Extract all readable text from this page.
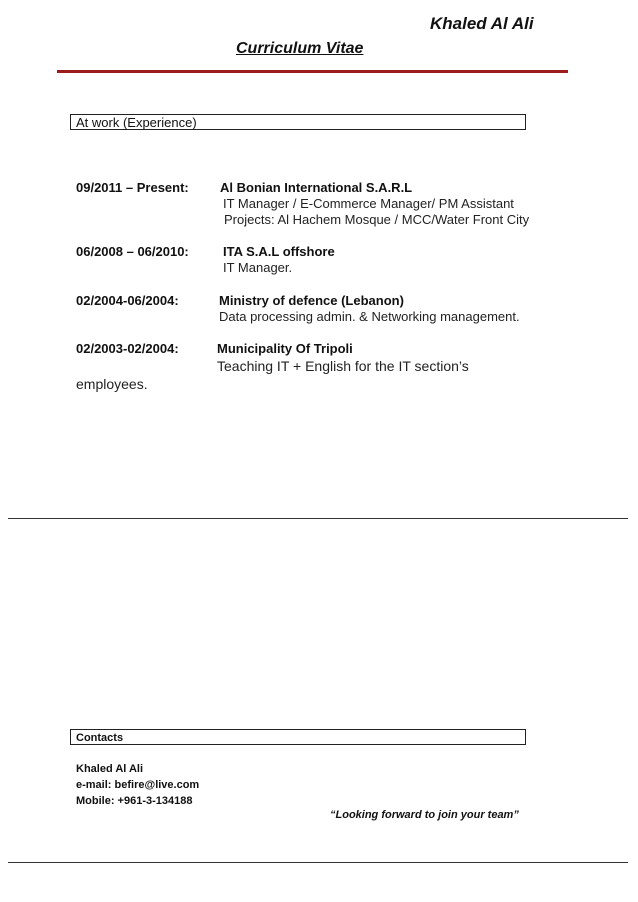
Khaled Al Ali
Curriculum Vitae
At work (Experience)
09/2011 – Present: Al Bonian International S.A.R.L
IT Manager / E-Commerce Manager/ PM Assistant
Projects: Al Hachem Mosque / MCC/Water Front City
06/2008 – 06/2010:	ITA S.A.L offshore
IT Manager.
02/2004-06/2004:	Ministry of defence (Lebanon)
Data processing admin. & Networking management.
02/2003-02/2004:	Municipality Of Tripoli
Teaching IT + English for the IT section’s
employees.
Contacts
Khaled Al Ali
e-mail: befire@live.com
Mobile: +961-3-134188
“Looking forward to join your team”
